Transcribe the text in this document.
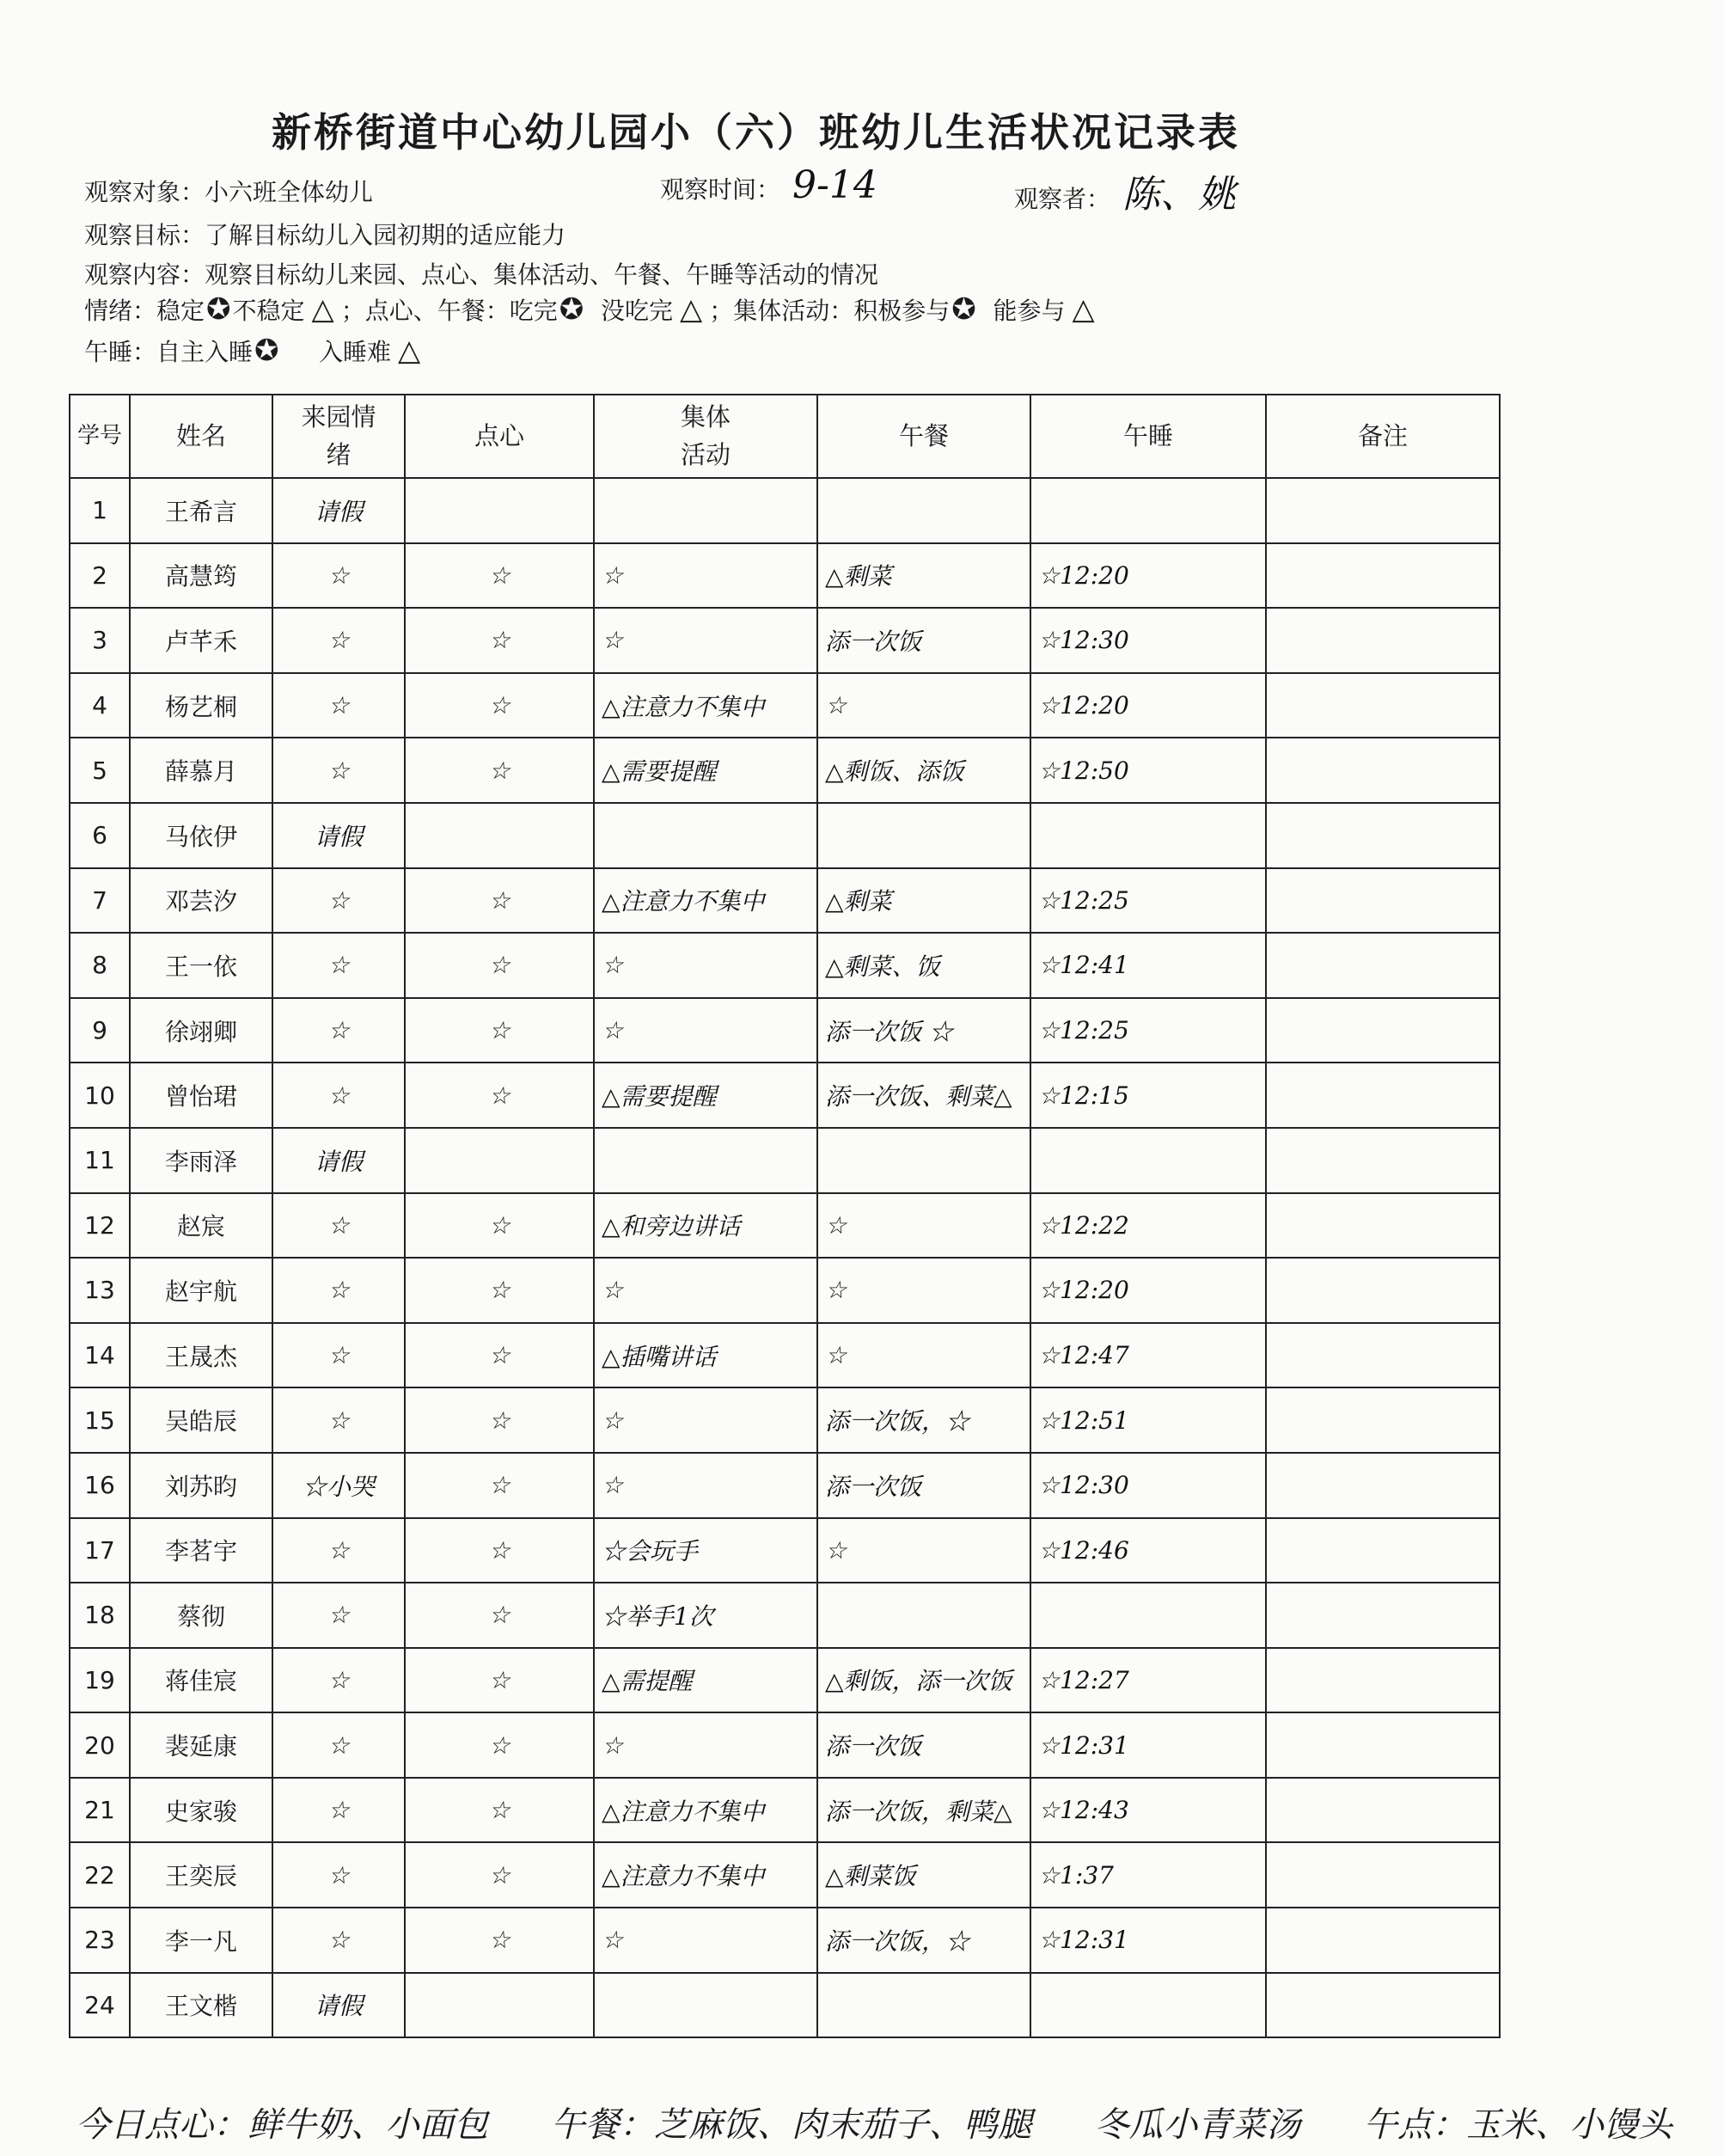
新桥街道中心幼儿园小（六）班幼儿生活状况记录表
观察对象：小六班全体幼儿	观察时间： 9-14	观察者： 陈、姚
观察目标：了解目标幼儿入园初期的适应能力
观察内容：观察目标幼儿来园、点心、集体活动、午餐、午睡等活动的情况
情绪：稳定✪不稳定 △ ；点心、午餐：吃完✪ 没吃完 △ ；集体活动：积极参与✪ 能参与 △
午睡：自主入睡✪ 入睡难 △
学号	姓名	来园情绪	点心	集体活动	午餐	午睡	备注
1	王希言	请假					
2	高慧筠	☆	☆	☆	△剩菜	☆12:20	
3	卢芊禾	☆	☆	☆	添一次饭	☆12:30	
4	杨艺桐	☆	☆	△注意力不集中	☆	☆12:20	
5	薛慕月	☆	☆	△需要提醒	△剩饭、添饭	☆12:50	
6	马依伊	请假					
7	邓芸汐	☆	☆	△注意力不集中	△剩菜	☆12:25	
8	王一依	☆	☆	☆	△剩菜、饭	☆12:41	
9	徐翊卿	☆	☆	☆	添一次饭 ☆	☆12:25	
10	曾怡珺	☆	☆	△需要提醒	添一次饭、剩菜△	☆12:15	
11	李雨泽	请假					
12	赵宸	☆	☆	△和旁边讲话	☆	☆12:22	
13	赵宇航	☆	☆	☆	☆	☆12:20	
14	王晟杰	☆	☆	△插嘴讲话	☆	☆12:47	
15	吴皓辰	☆	☆	☆	添一次饭，☆	☆12:51	
16	刘苏昀	☆小哭	☆	☆	添一次饭	☆12:30	
17	李茗宇	☆	☆	☆会玩手	☆	☆12:46	
18	蔡彻	☆	☆	☆举手1次			
19	蒋佳宸	☆	☆	△需提醒	△剩饭，添一次饭	☆12:27	
20	裴延康	☆	☆	☆	添一次饭	☆12:31	
21	史家骏	☆	☆	△注意力不集中	添一次饭，剩菜△	☆12:43	
22	王奕辰	☆	☆	△注意力不集中	△剩菜饭	☆1:37	
23	李一凡	☆	☆	☆	添一次饭，☆	☆12:31	
24	王文楷	请假					
今日点心：鲜牛奶、小面包 午餐：芝麻饭、肉末茄子、鸭腿 冬瓜小青菜汤 午点：玉米、小馒头
